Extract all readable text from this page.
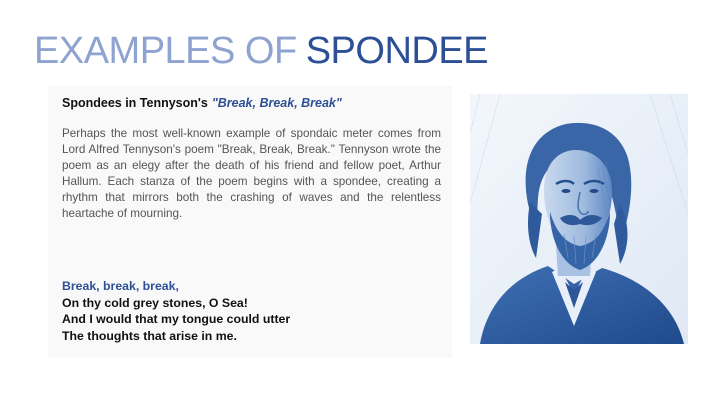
EXAMPLES OF SPONDEE
Spondees in Tennyson's "Break, Break, Break"

Perhaps the most well-known example of spondaic meter comes from Lord Alfred Tennyson's poem "Break, Break, Break." Tennyson wrote the poem as an elegy after the death of his friend and fellow poet, Arthur Hallum. Each stanza of the poem begins with a spondee, creating a rhythm that mirrors both the crashing of waves and the relentless heartache of mourning.

Break, break, break,
On thy cold grey stones, O Sea!
And I would that my tongue could utter
The thoughts that arise in me.
